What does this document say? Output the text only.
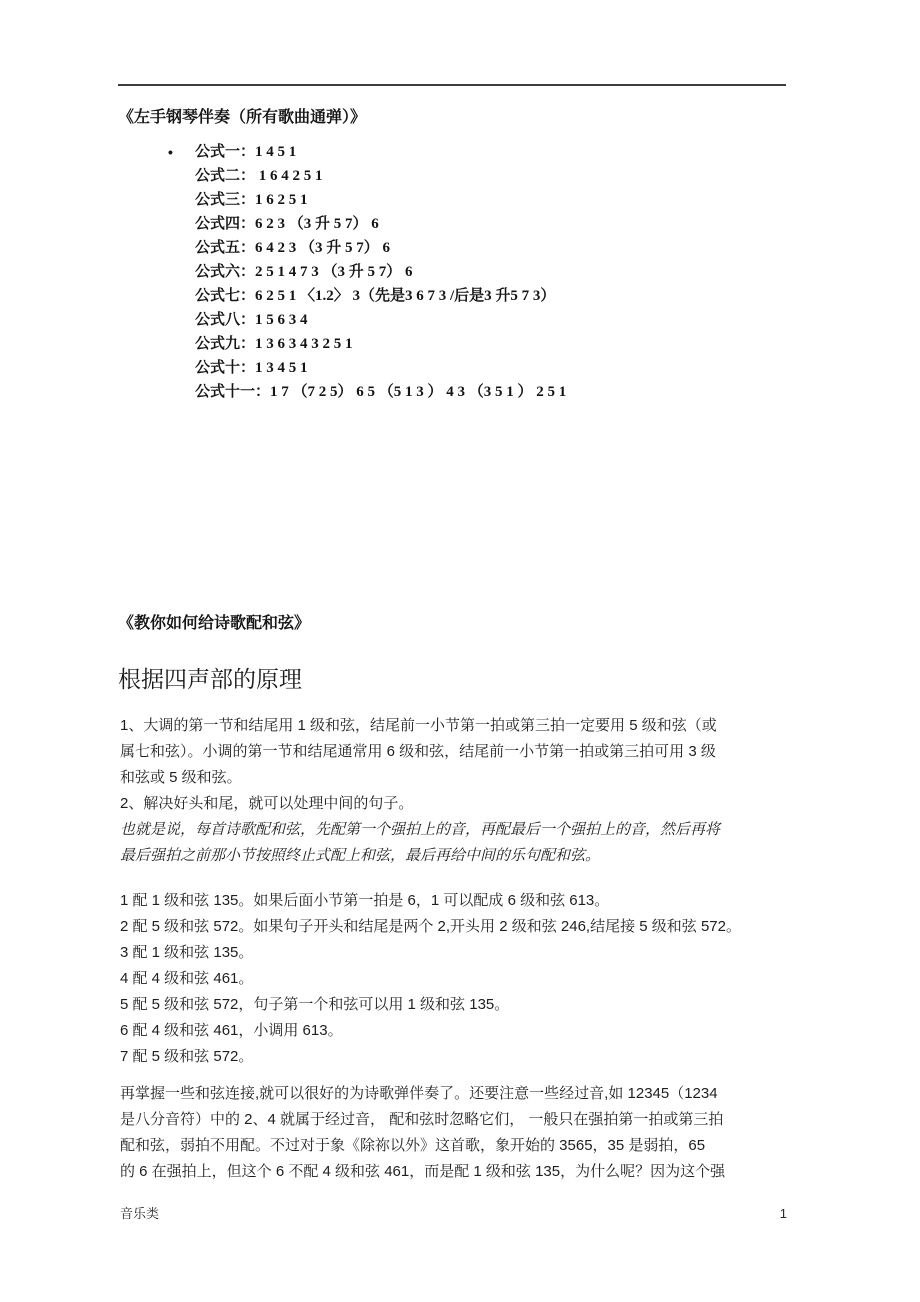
《左手钢琴伴奏（所有歌曲通弹）》
•	公式一：1 4 5 1
公式二： 1 6 4 2 5 1
公式三：1 6 2 5 1
公式四：6 2 3 （3 升 5 7） 6
公式五：6 4 2 3 （3 升 5 7） 6
公式六：2 5 1 4 7 3 （3 升 5 7） 6
公式七：6 2 5 1 〈1.2〉 3（先是3 6 7 3 /后是3 升5 7 3）
公式八：1 5 6 3 4
公式九：1 3 6 3 4 3 2 5 1
公式十：1 3 4 5 1
公式十一：1 7 （7 2 5） 6 5 （5 1 3 ） 4 3 （3 5 1 ） 2 5 1
《教你如何给诗歌配和弦》
根据四声部的原理
1、大调的第一节和结尾用 1 级和弦，结尾前一小节第一拍或第三拍一定要用 5 级和弦（或
属七和弦）。小调的第一节和结尾通常用 6 级和弦，结尾前一小节第一拍或第三拍可用 3 级
和弦或 5 级和弦。
2、解决好头和尾，就可以处理中间的句子。
也就是说，每首诗歌配和弦，先配第一个强拍上的音，再配最后一个强拍上的音，然后再将
最后强拍之前那小节按照终止式配上和弦，最后再给中间的乐句配和弦。
1 配 1 级和弦 135。如果后面小节第一拍是 6，1 可以配成 6 级和弦 613。
2 配 5 级和弦 572。如果句子开头和结尾是两个 2,开头用 2 级和弦 246,结尾接 5 级和弦 572。
3 配 1 级和弦 135。
4 配 4 级和弦 461。
5 配 5 级和弦 572，句子第一个和弦可以用 1 级和弦 135。
6 配 4 级和弦 461，小调用 613。
7 配 5 级和弦 572。
再掌握一些和弦连接,就可以很好的为诗歌弹伴奏了。还要注意一些经过音,如 12345（1234
是八分音符）中的 2、4 就属于经过音， 配和弦时忽略它们， 一般只在强拍第一拍或第三拍
配和弦，弱拍不用配。不过对于象《除祢以外》这首歌，象开始的 3565，35 是弱拍，65
的 6 在强拍上，但这个 6 不配 4 级和弦 461，而是配 1 级和弦 135，为什么呢？因为这个强
音乐类	1
